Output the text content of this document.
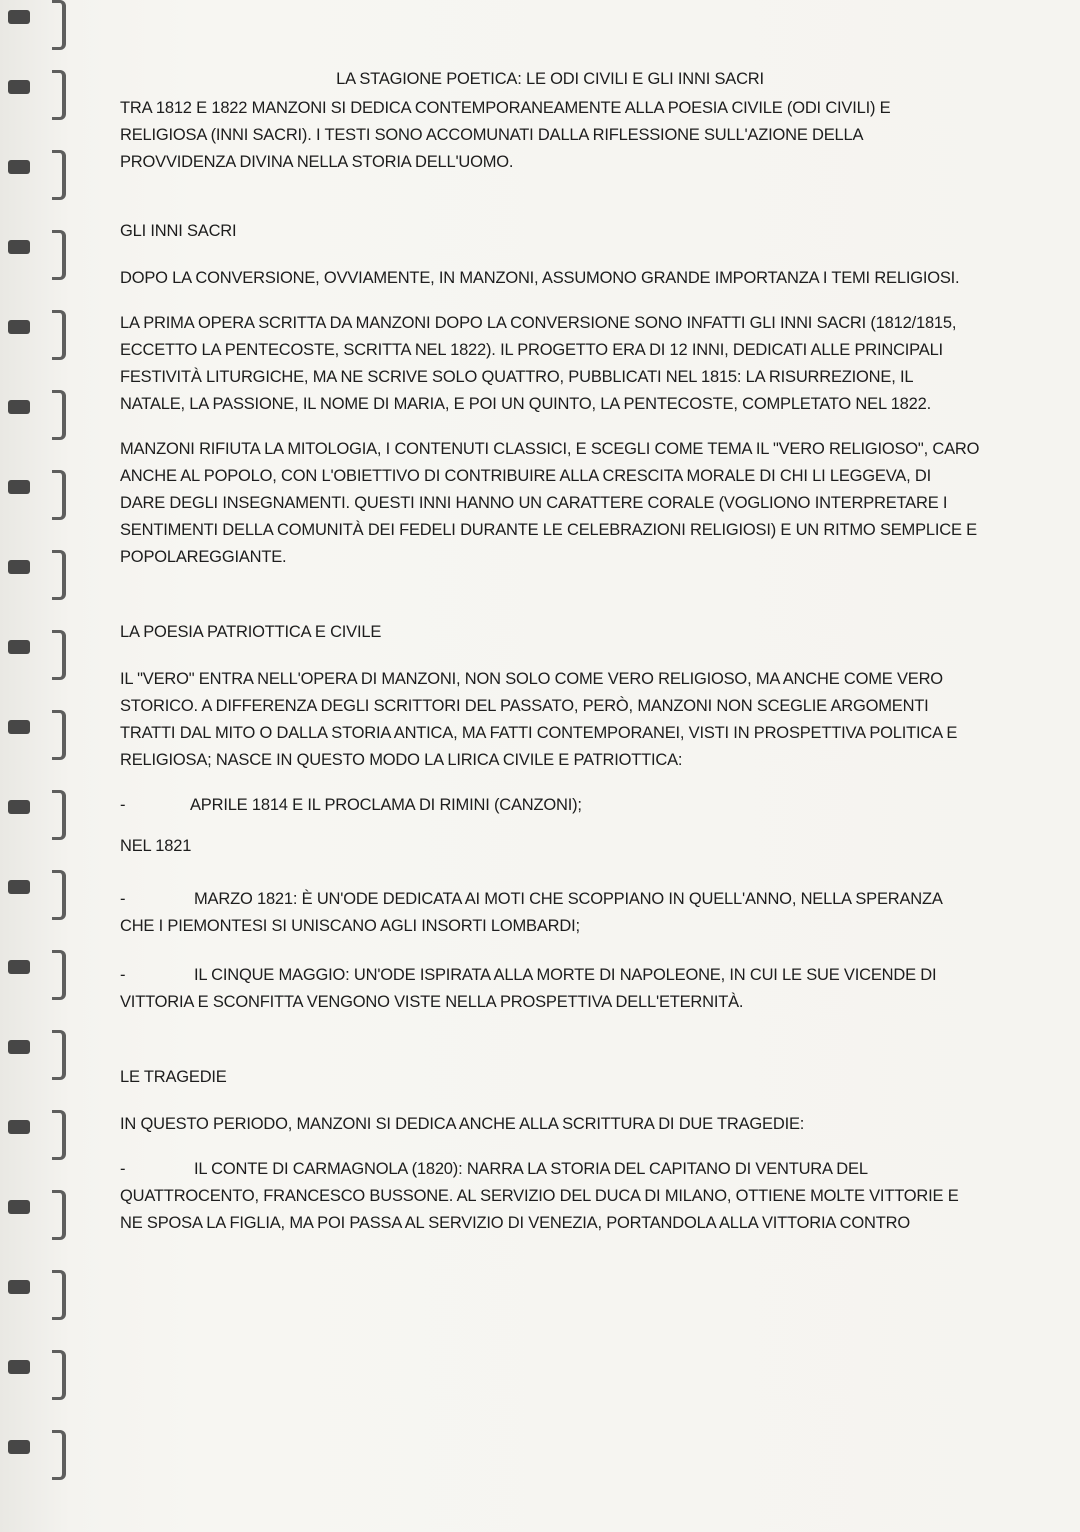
LA STAGIONE POETICA: LE ODI CIVILI E GLI INNI SACRI
TRA 1812 E 1822 MANZONI SI DEDICA CONTEMPORANEAMENTE ALLA POESIA CIVILE (ODI CIVILI) E RELIGIOSA (INNI SACRI). I TESTI SONO ACCOMUNATI DALLA RIFLESSIONE SULL'AZIONE DELLA PROVVIDENZA DIVINA NELLA STORIA DELL'UOMO.
GLI INNI SACRI
DOPO LA CONVERSIONE, OVVIAMENTE, IN MANZONI, ASSUMONO GRANDE IMPORTANZA I TEMI RELIGIOSI.
LA PRIMA OPERA SCRITTA DA MANZONI DOPO LA CONVERSIONE SONO INFATTI GLI INNI SACRI (1812/1815, ECCETTO LA PENTECOSTE, SCRITTA NEL 1822). IL PROGETTO ERA DI 12 INNI, DEDICATI ALLE PRINCIPALI FESTIVITÀ LITURGICHE, MA NE SCRIVE SOLO QUATTRO, PUBBLICATI NEL 1815: LA RISURREZIONE, IL NATALE, LA PASSIONE, IL NOME DI MARIA, E POI UN QUINTO, LA PENTECOSTE, COMPLETATO NEL 1822.
MANZONI RIFIUTA LA MITOLOGIA, I CONTENUTI CLASSICI, E SCEGLI COME TEMA IL "VERO RELIGIOSO", CARO ANCHE AL POPOLO, CON L'OBIETTIVO DI CONTRIBUIRE ALLA CRESCITA MORALE DI CHI LI LEGGEVA, DI DARE DEGLI INSEGNAMENTI. QUESTI INNI HANNO UN CARATTERE CORALE (VOGLIONO INTERPRETARE I SENTIMENTI DELLA COMUNITÀ DEI FEDELI DURANTE LE CELEBRAZIONI RELIGIOSI) E UN RITMO SEMPLICE E POPOLAREGGIANTE.
LA POESIA PATRIOTTICA E CIVILE
IL "VERO" ENTRA NELL'OPERA DI MANZONI, NON SOLO COME VERO RELIGIOSO, MA ANCHE COME VERO STORICO. A DIFFERENZA DEGLI SCRITTORI DEL PASSATO, PERÒ, MANZONI NON SCEGLIE ARGOMENTI TRATTI DAL MITO O DALLA STORIA ANTICA, MA FATTI CONTEMPORANEI, VISTI IN PROSPETTIVA POLITICA E RELIGIOSA; NASCE IN QUESTO MODO LA LIRICA CIVILE E PATRIOTTICA:
-	APRILE 1814 E IL PROCLAMA DI RIMINI (CANZONI);
NEL 1821
-	MARZO 1821: È UN'ODE DEDICATA AI MOTI CHE SCOPPIANO IN QUELL'ANNO, NELLA SPERANZA CHE I PIEMONTESI SI UNISCANO AGLI INSORTI LOMBARDI;
-	IL CINQUE MAGGIO: UN'ODE ISPIRATA ALLA MORTE DI NAPOLEONE, IN CUI LE SUE VICENDE DI VITTORIA E SCONFITTA VENGONO VISTE NELLA PROSPETTIVA DELL'ETERNITÀ.
LE TRAGEDIE
IN QUESTO PERIODO, MANZONI SI DEDICA ANCHE ALLA SCRITTURA DI DUE TRAGEDIE:
-	IL CONTE DI CARMAGNOLA (1820): NARRA LA STORIA DEL CAPITANO DI VENTURA DEL QUATTROCENTO, FRANCESCO BUSSONE. AL SERVIZIO DEL DUCA DI MILANO, OTTIENE MOLTE VITTORIE E NE SPOSA LA FIGLIA, MA POI PASSA AL SERVIZIO DI VENEZIA, PORTANDOLA ALLA VITTORIA CONTRO
